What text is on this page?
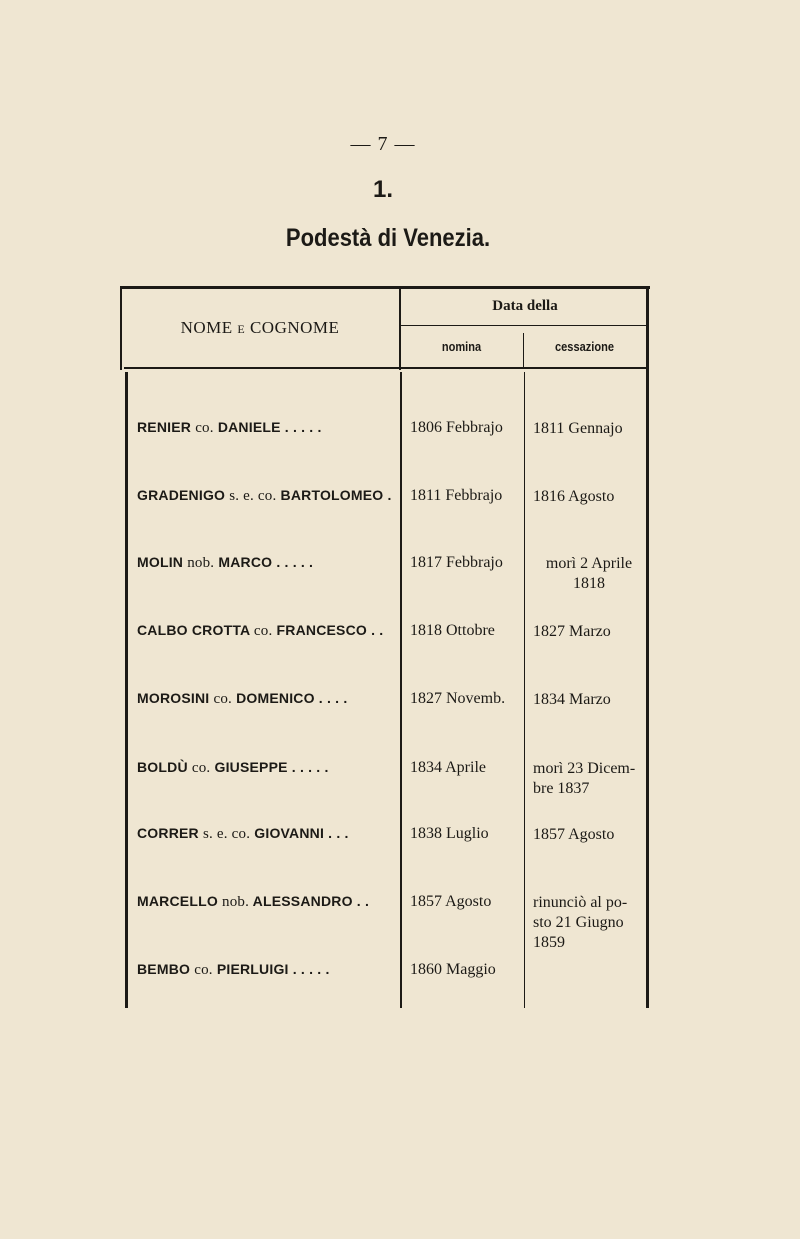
— 7 —
1.
Podestà di Venezia.
NOME E COGNOME
Data della
nomina	cessazione
RENIER co. DANIELE . . . . .	1806 Febbrajo	1811 Gennajo
GRADENIGO s. e. co. BARTOLOMEO .	1811 Febbrajo	1816 Agosto
MOLIN nob. MARCO . . . . .	1817 Febbrajo	morì 2 Aprile 1818
CALBO CROTTA co. FRANCESCO . .	1818 Ottobre	1827 Marzo
MOROSINI co. DOMENICO . . . .	1827 Novemb.	1834 Marzo
BOLDÙ co. GIUSEPPE . . . . .	1834 Aprile	morì 23 Dicem-bre 1837
CORRER s. e. co. GIOVANNI . . .	1838 Luglio	1857 Agosto
MARCELLO nob. ALESSANDRO . .	1857 Agosto	rinunciò al po-sto 21 Giugno 1859
BEMBO co. PIERLUIGI . . . . .	1860 Maggio
